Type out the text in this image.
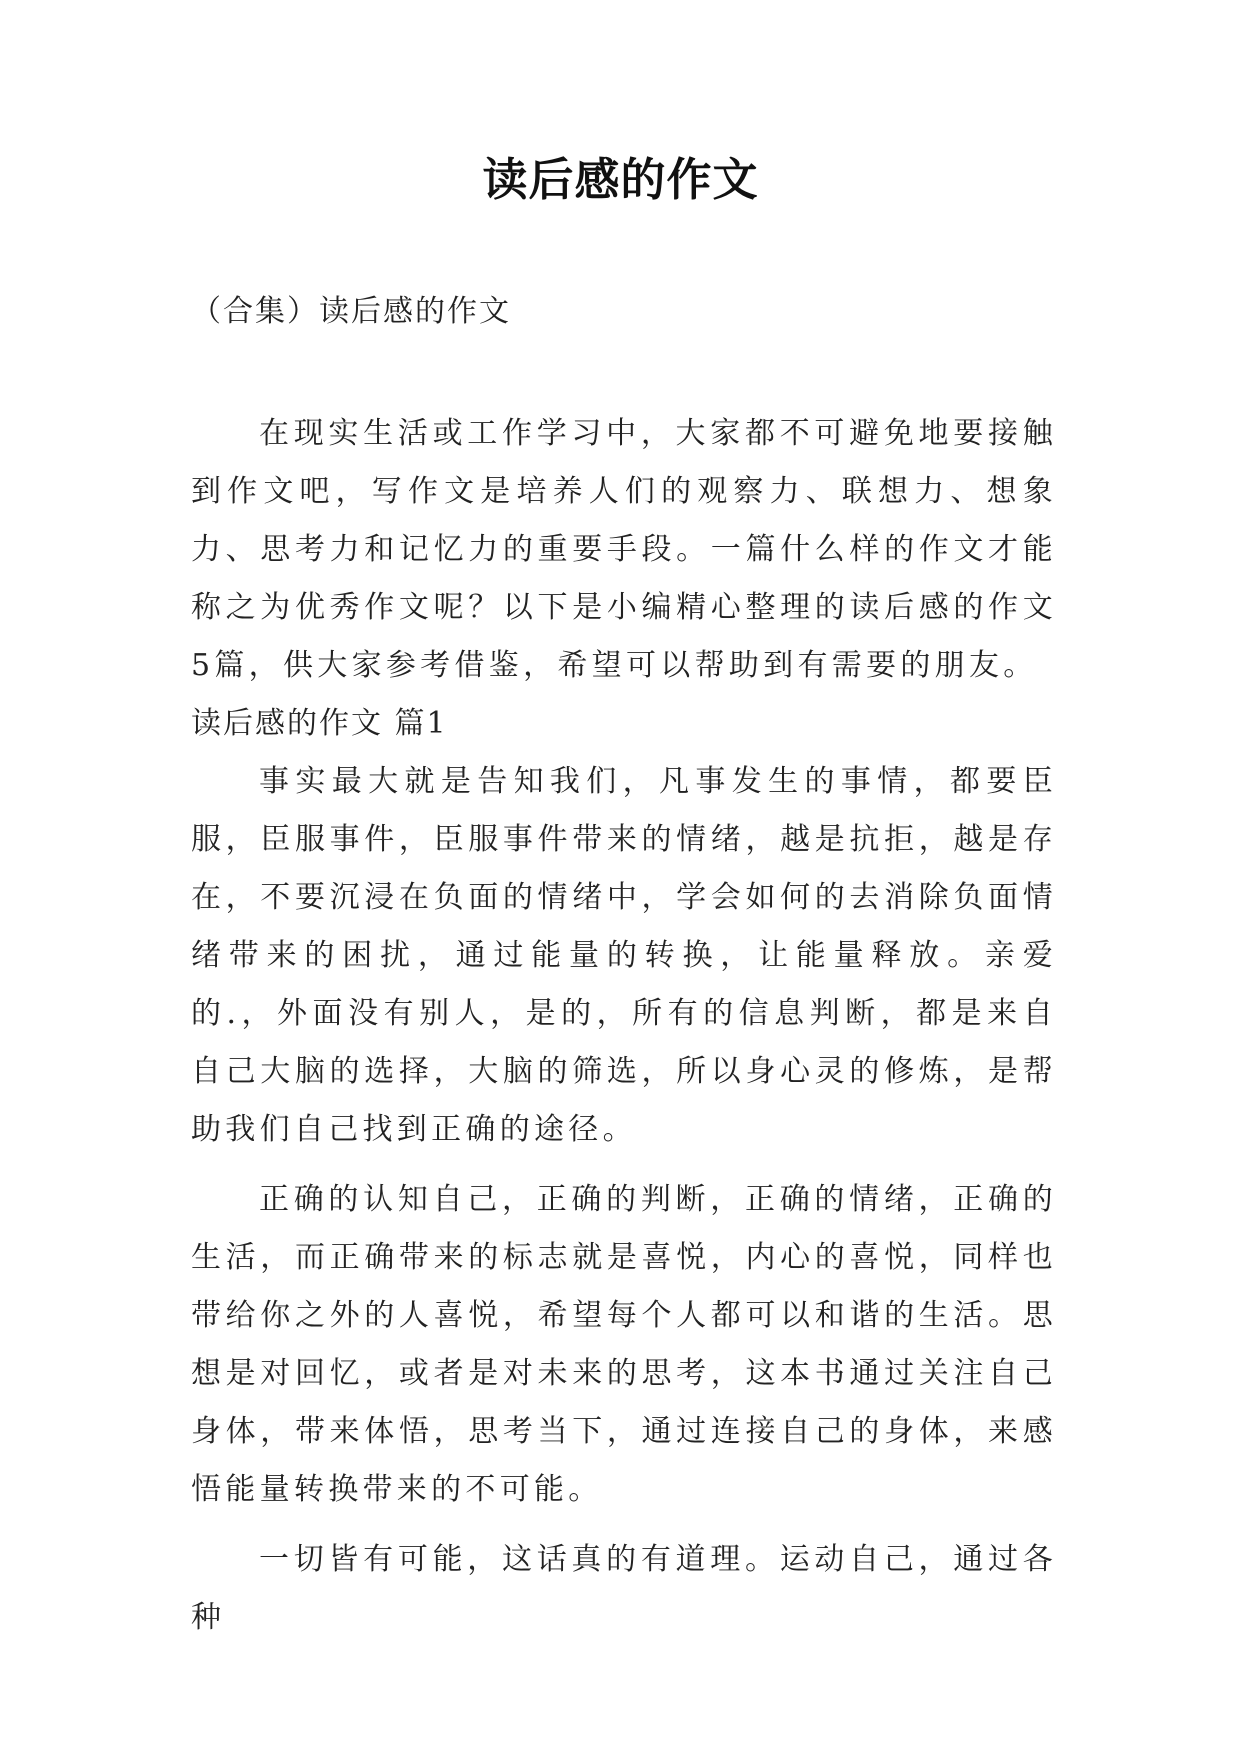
读后感的作文
（合集）读后感的作文

在现实生活或工作学习中，大家都不可避免地要接触到作文吧，写作文是培养人们的观察力、联想力、想象力、思考力和记忆力的重要手段。一篇什么样的作文才能称之为优秀作文呢？以下是小编精心整理的读后感的作文5篇，供大家参考借鉴，希望可以帮助到有需要的朋友。

读后感的作文 篇1

事实最大就是告知我们，凡事发生的事情，都要臣服，臣服事件，臣服事件带来的情绪，越是抗拒，越是存在，不要沉浸在负面的情绪中，学会如何的去消除负面情绪带来的困扰，通过能量的转换，让能量释放。亲爱的.，外面没有别人，是的，所有的信息判断，都是来自自己大脑的选择，大脑的筛选，所以身心灵的修炼，是帮助我们自己找到正确的途径。

正确的认知自己，正确的判断，正确的情绪，正确的生活，而正确带来的标志就是喜悦，内心的喜悦，同样也带给你之外的人喜悦，希望每个人都可以和谐的生活。思想是对回忆，或者是对未来的思考，这本书通过关注自己身体，带来体悟，思考当下，通过连接自己的身体，来感悟能量转换带来的不可能。

一切皆有可能，这话真的有道理。运动自己，通过各种
